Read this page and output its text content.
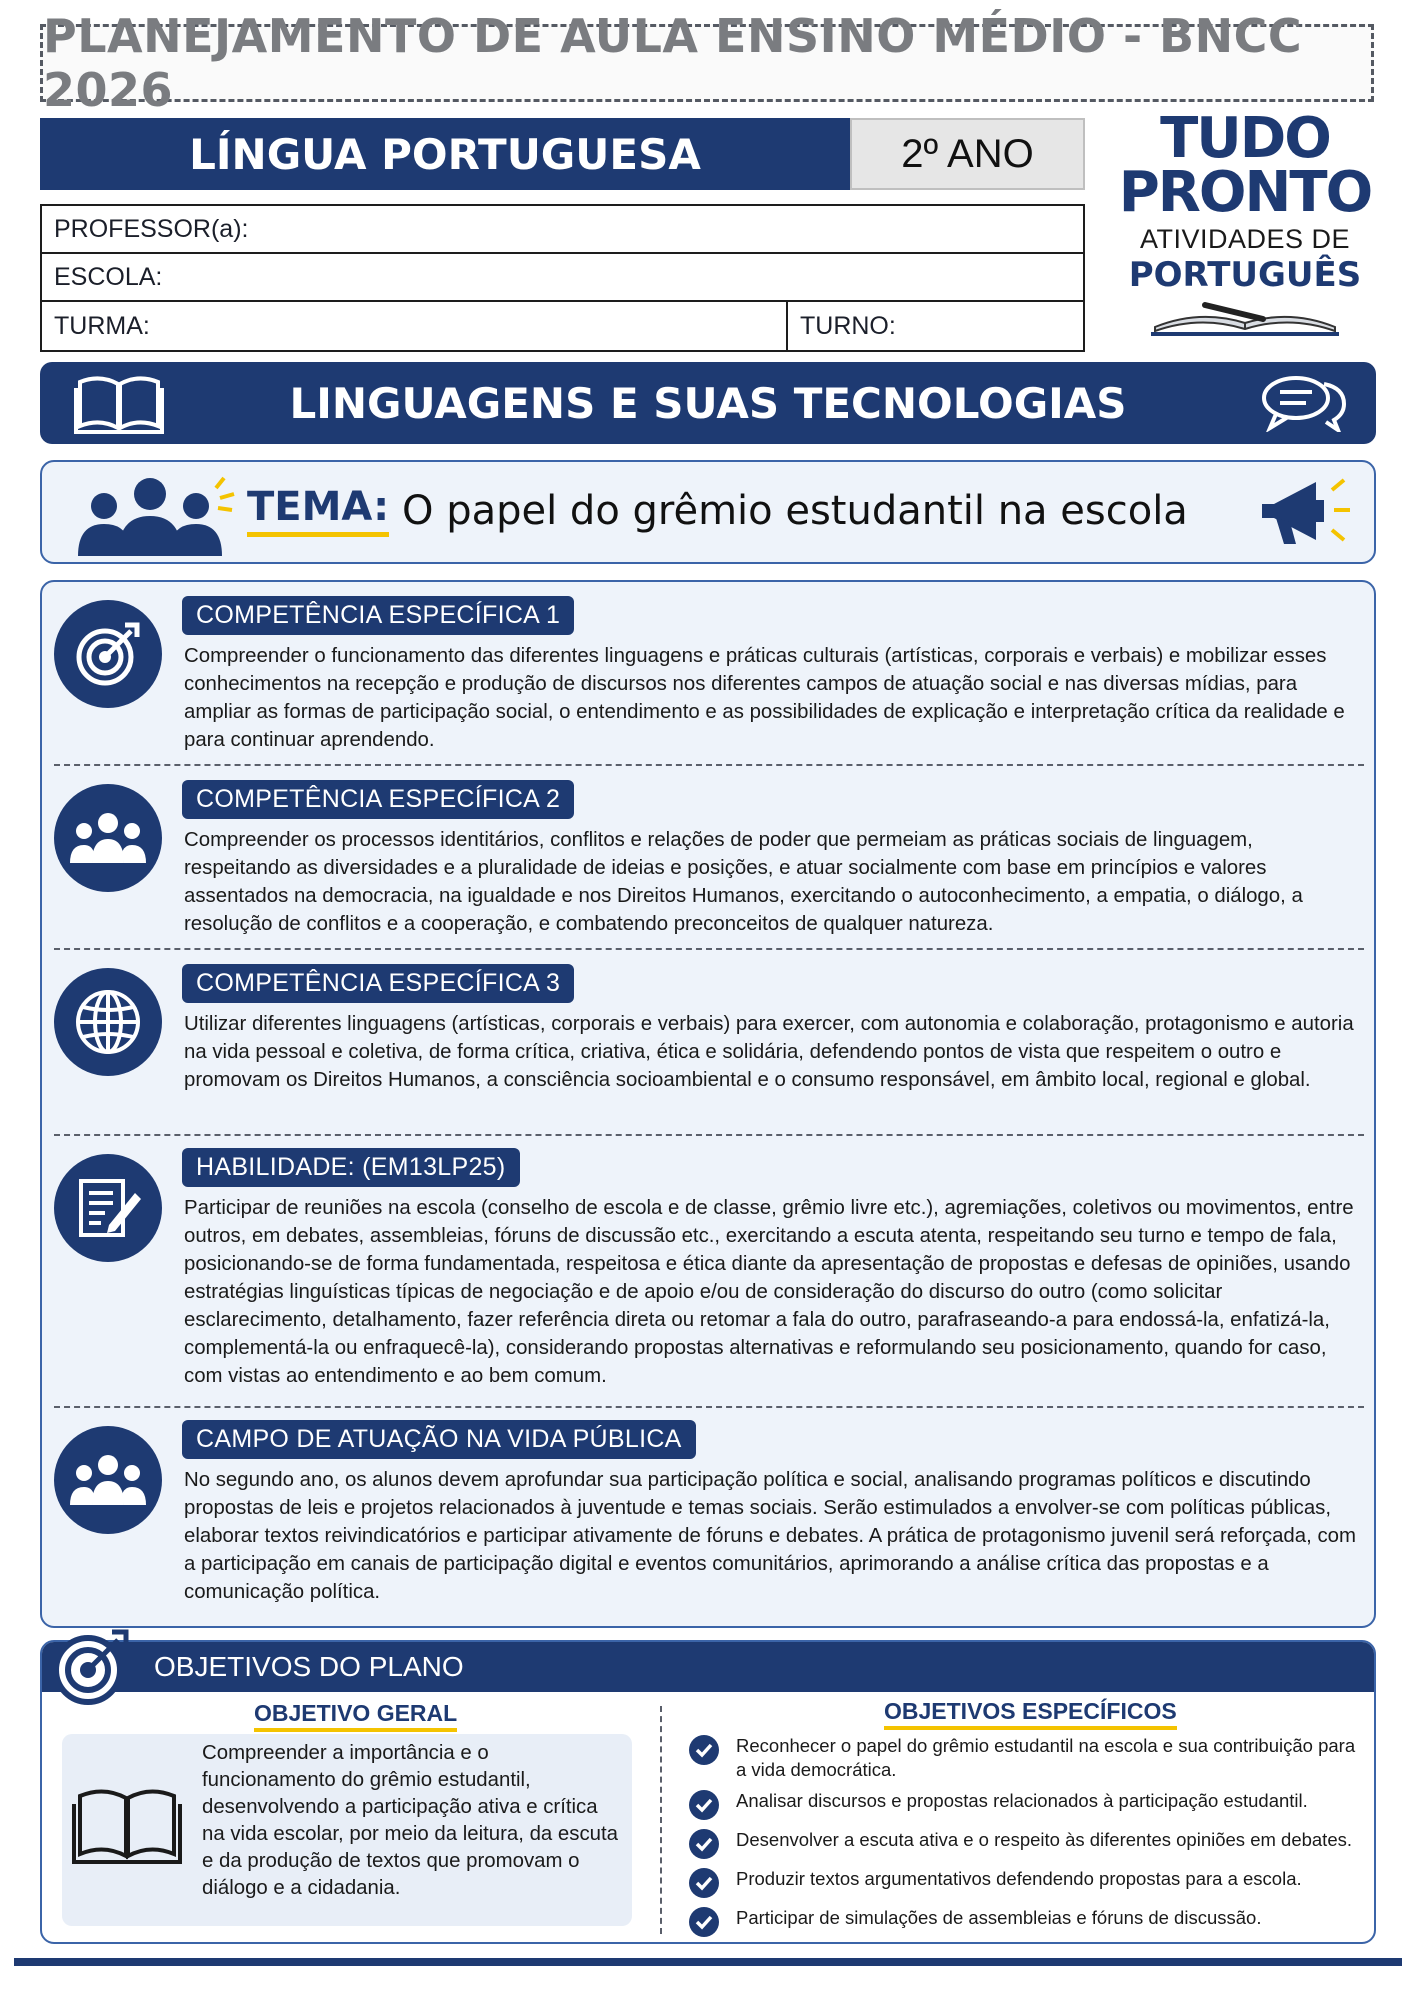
PLANEJAMENTO DE AULA ENSINO MÉDIO - BNCC 2026
LÍNGUA PORTUGUESA	2º ANO
PROFESSOR(a):
ESCOLA:
TURMA:	TURNO:
TUDO
PRONTO
ATIVIDADES DE
PORTUGUÊS
LINGUAGENS E SUAS TECNOLOGIAS
TEMA: O papel do grêmio estudantil na escola
COMPETÊNCIA ESPECÍFICA 1
Compreender o funcionamento das diferentes linguagens e práticas culturais (artísticas, corporais e verbais) e mobilizar esses conhecimentos na recepção e produção de discursos nos diferentes campos de atuação social e nas diversas mídias, para ampliar as formas de participação social, o entendimento e as possibilidades de explicação e interpretação crítica da realidade e para continuar aprendendo.
COMPETÊNCIA ESPECÍFICA 2
Compreender os processos identitários, conflitos e relações de poder que permeiam as práticas sociais de linguagem, respeitando as diversidades e a pluralidade de ideias e posições, e atuar socialmente com base em princípios e valores assentados na democracia, na igualdade e nos Direitos Humanos, exercitando o autoconhecimento, a empatia, o diálogo, a resolução de conflitos e a cooperação, e combatendo preconceitos de qualquer natureza.
COMPETÊNCIA ESPECÍFICA 3
Utilizar diferentes linguagens (artísticas, corporais e verbais) para exercer, com autonomia e colaboração, protagonismo e autoria na vida pessoal e coletiva, de forma crítica, criativa, ética e solidária, defendendo pontos de vista que respeitem o outro e promovam os Direitos Humanos, a consciência socioambiental e o consumo responsável, em âmbito local, regional e global.
HABILIDADE: (EM13LP25)
Participar de reuniões na escola (conselho de escola e de classe, grêmio livre etc.), agremiações, coletivos ou movimentos, entre outros, em debates, assembleias, fóruns de discussão etc., exercitando a escuta atenta, respeitando seu turno e tempo de fala, posicionando-se de forma fundamentada, respeitosa e ética diante da apresentação de propostas e defesas de opiniões, usando estratégias linguísticas típicas de negociação e de apoio e/ou de consideração do discurso do outro (como solicitar esclarecimento, detalhamento, fazer referência direta ou retomar a fala do outro, parafraseando-a para endossá-la, enfatizá-la, complementá-la ou enfraquecê-la), considerando propostas alternativas e reformulando seu posicionamento, quando for caso, com vistas ao entendimento e ao bem comum.
CAMPO DE ATUAÇÃO NA VIDA PÚBLICA
No segundo ano, os alunos devem aprofundar sua participação política e social, analisando programas políticos e discutindo propostas de leis e projetos relacionados à juventude e temas sociais. Serão estimulados a envolver-se com políticas públicas, elaborar textos reivindicatórios e participar ativamente de fóruns e debates. A prática de protagonismo juvenil será reforçada, com a participação em canais de participação digital e eventos comunitários, aprimorando a análise crítica das propostas e a comunicação política.
OBJETIVOS DO PLANO
OBJETIVO GERAL
Compreender a importância e o funcionamento do grêmio estudantil, desenvolvendo a participação ativa e crítica na vida escolar, por meio da leitura, da escuta e da produção de textos que promovam o diálogo e a cidadania.
OBJETIVOS ESPECÍFICOS
Reconhecer o papel do grêmio estudantil na escola e sua contribuição para a vida democrática.
Analisar discursos e propostas relacionados à participação estudantil.
Desenvolver a escuta ativa e o respeito às diferentes opiniões em debates.
Produzir textos argumentativos defendendo propostas para a escola.
Participar de simulações de assembleias e fóruns de discussão.
